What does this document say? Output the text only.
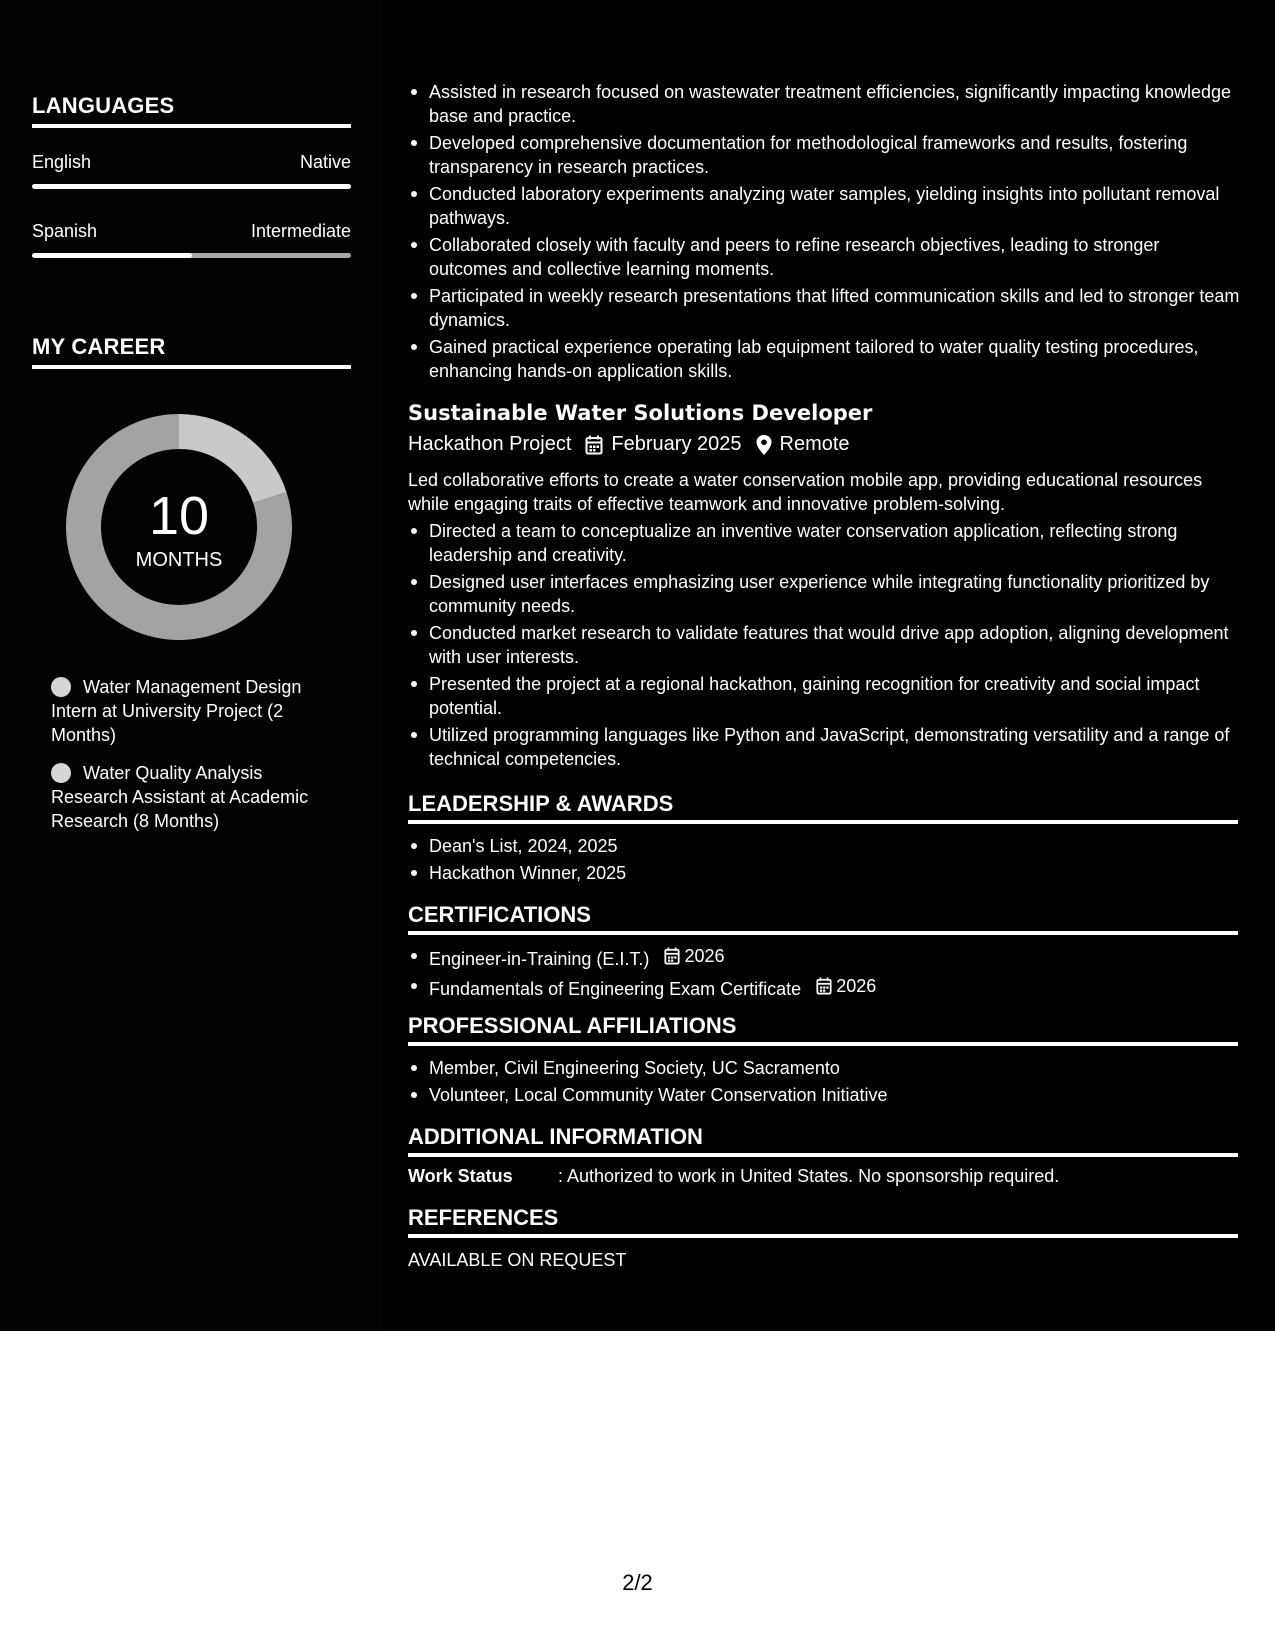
LANGUAGES
English	Native
Spanish	Intermediate
MY CAREER
10
MONTHS
Water Management Design Intern at University Project (2 Months)
Water Quality Analysis Research Assistant at Academic Research (8 Months)
Assisted in research focused on wastewater treatment efficiencies, significantly impacting knowledge base and practice.
Developed comprehensive documentation for methodological frameworks and results, fostering transparency in research practices.
Conducted laboratory experiments analyzing water samples, yielding insights into pollutant removal pathways.
Collaborated closely with faculty and peers to refine research objectives, leading to stronger outcomes and collective learning moments.
Participated in weekly research presentations that lifted communication skills and led to stronger team dynamics.
Gained practical experience operating lab equipment tailored to water quality testing procedures, enhancing hands-on application skills.
Sustainable Water Solutions Developer
Hackathon Project February 2025 Remote
Led collaborative efforts to create a water conservation mobile app, providing educational resources while engaging traits of effective teamwork and innovative problem-solving.
Directed a team to conceptualize an inventive water conservation application, reflecting strong leadership and creativity.
Designed user interfaces emphasizing user experience while integrating functionality prioritized by community needs.
Conducted market research to validate features that would drive app adoption, aligning development with user interests.
Presented the project at a regional hackathon, gaining recognition for creativity and social impact potential.
Utilized programming languages like Python and JavaScript, demonstrating versatility and a range of technical competencies.
LEADERSHIP & AWARDS
Dean's List, 2024, 2025
Hackathon Winner, 2025
CERTIFICATIONS
Engineer-in-Training (E.I.T.) 2026
Fundamentals of Engineering Exam Certificate 2026
PROFESSIONAL AFFILIATIONS
Member, Civil Engineering Society, UC Sacramento
Volunteer, Local Community Water Conservation Initiative
ADDITIONAL INFORMATION
Work Status	: Authorized to work in United States. No sponsorship required.
REFERENCES
AVAILABLE ON REQUEST
2/2
